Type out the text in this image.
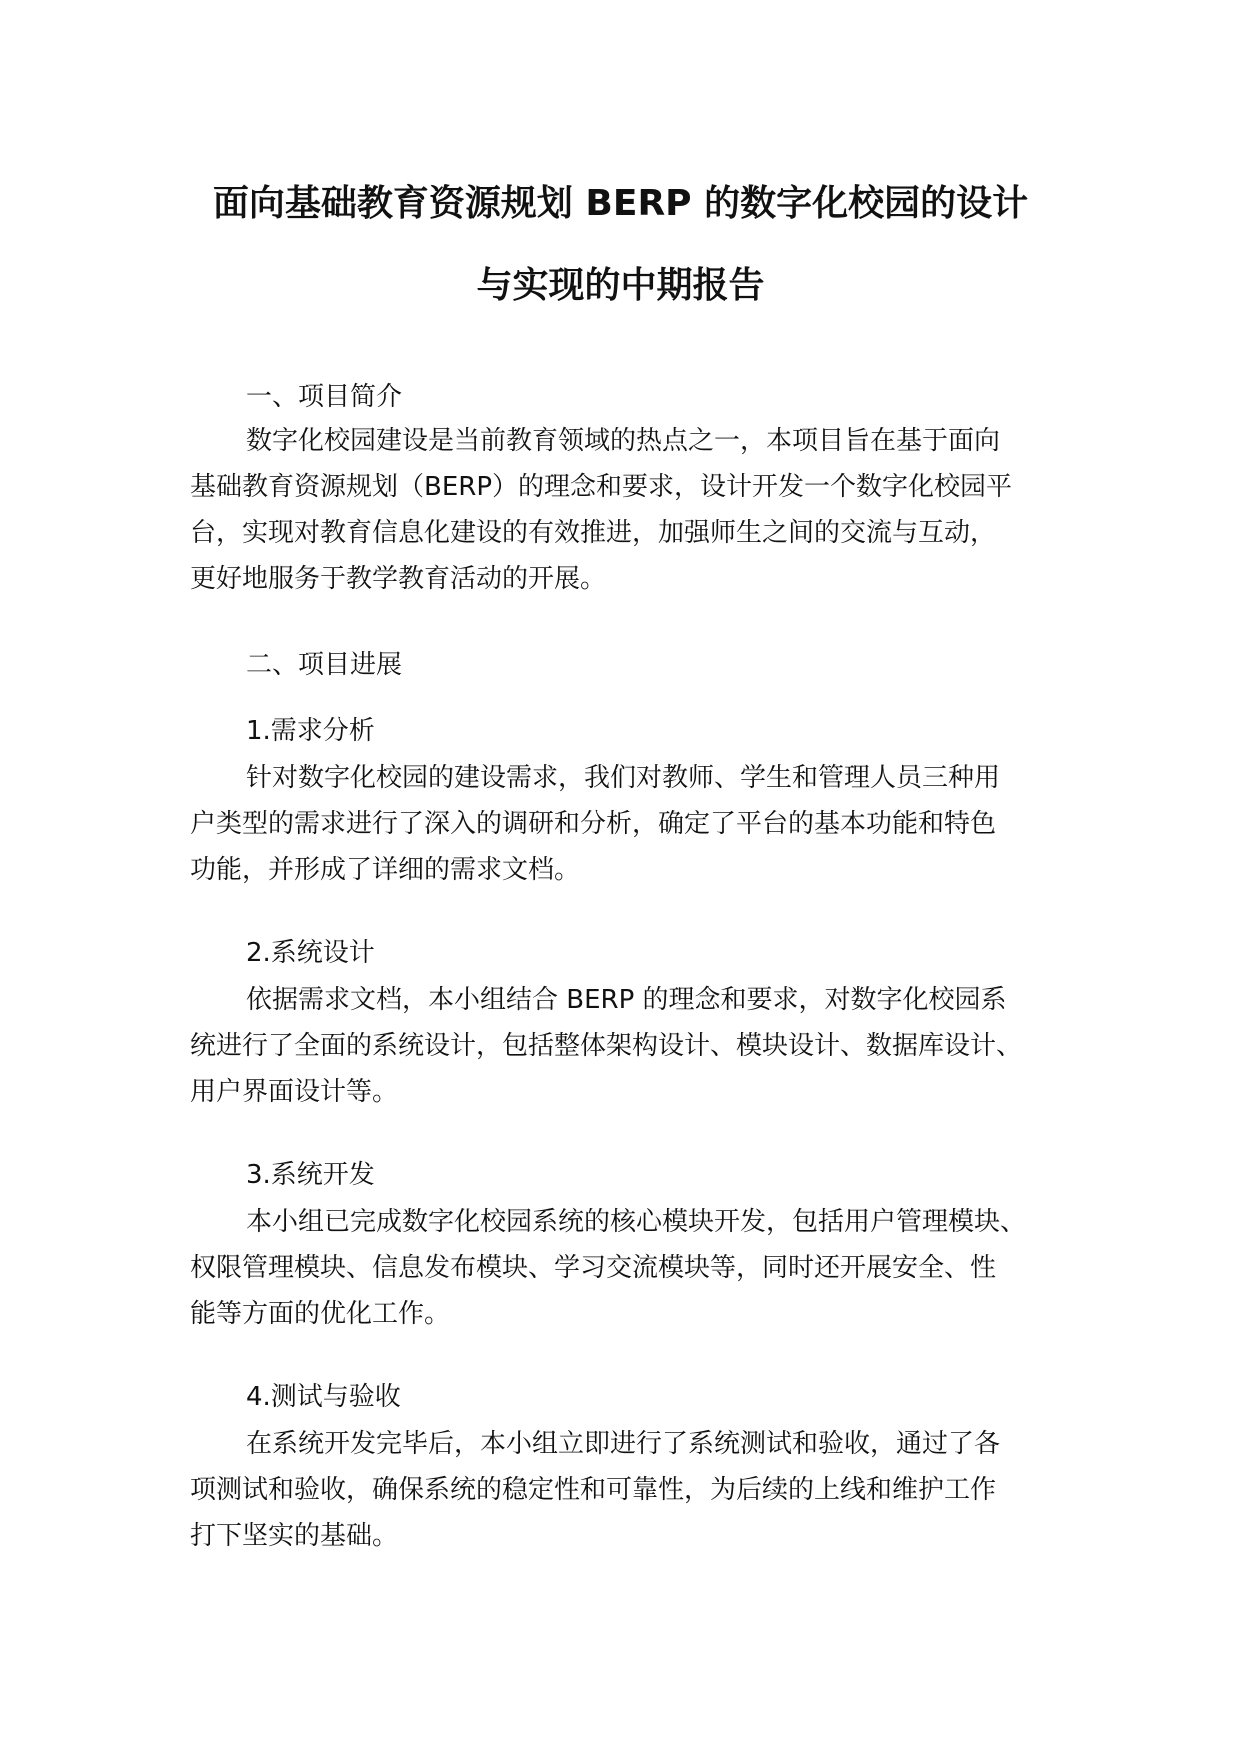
面向基础教育资源规划 BERP 的数字化校园的设计
与实现的中期报告
一、项目简介
数字化校园建设是当前教育领域的热点之一，本项目旨在基于面向
基础教育资源规划（BERP）的理念和要求，设计开发一个数字化校园平
台，实现对教育信息化建设的有效推进，加强师生之间的交流与互动，
更好地服务于教学教育活动的开展。
二、项目进展
1.需求分析
针对数字化校园的建设需求，我们对教师、学生和管理人员三种用
户类型的需求进行了深入的调研和分析，确定了平台的基本功能和特色
功能，并形成了详细的需求文档。
2.系统设计
依据需求文档，本小组结合 BERP 的理念和要求，对数字化校园系
统进行了全面的系统设计，包括整体架构设计、模块设计、数据库设计、
用户界面设计等。
3.系统开发
本小组已完成数字化校园系统的核心模块开发，包括用户管理模块、
权限管理模块、信息发布模块、学习交流模块等，同时还开展安全、性
能等方面的优化工作。
4.测试与验收
在系统开发完毕后，本小组立即进行了系统测试和验收，通过了各
项测试和验收，确保系统的稳定性和可靠性，为后续的上线和维护工作
打下坚实的基础。
